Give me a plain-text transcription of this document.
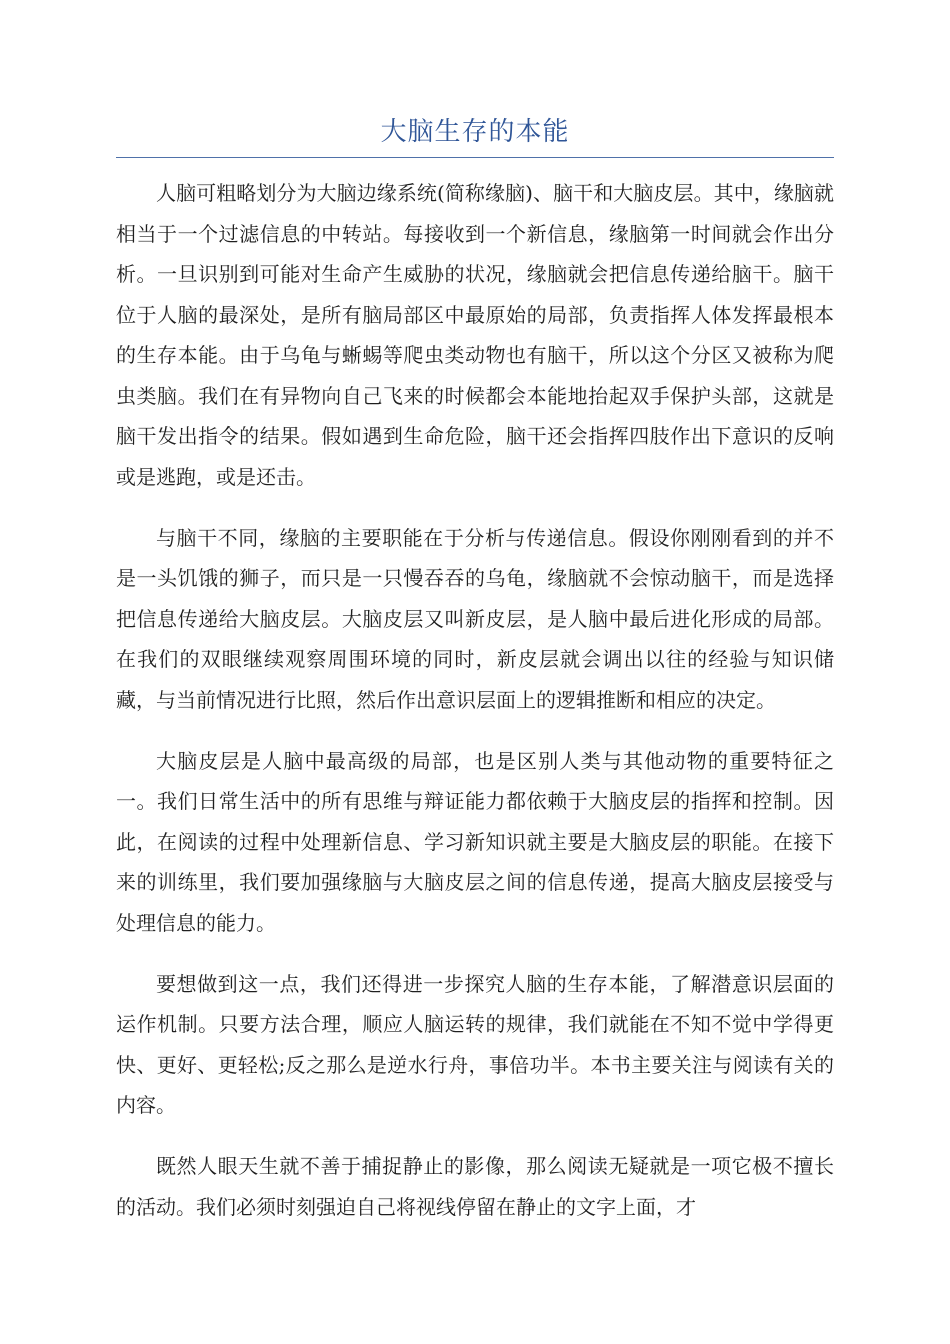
大脑生存的本能

人脑可粗略划分为大脑边缘系统(简称缘脑)、脑干和大脑皮层。其中，缘脑就相当于一个过滤信息的中转站。每接收到一个新信息，缘脑第一时间就会作出分析。一旦识别到可能对生命产生威胁的状况，缘脑就会把信息传递给脑干。脑干位于人脑的最深处，是所有脑局部区中最原始的局部，负责指挥人体发挥最根本的生存本能。由于乌龟与蜥蜴等爬虫类动物也有脑干，所以这个分区又被称为爬虫类脑。我们在有异物向自己飞来的时候都会本能地抬起双手保护头部，这就是脑干发出指令的结果。假如遇到生命危险，脑干还会指挥四肢作出下意识的反响或是逃跑，或是还击。

与脑干不同，缘脑的主要职能在于分析与传递信息。假设你刚刚看到的并不是一头饥饿的狮子，而只是一只慢吞吞的乌龟，缘脑就不会惊动脑干，而是选择把信息传递给大脑皮层。大脑皮层又叫新皮层，是人脑中最后进化形成的局部。在我们的双眼继续观察周围环境的同时，新皮层就会调出以往的经验与知识储藏，与当前情况进行比照，然后作出意识层面上的逻辑推断和相应的决定。

大脑皮层是人脑中最高级的局部，也是区别人类与其他动物的重要特征之一。我们日常生活中的所有思维与辩证能力都依赖于大脑皮层的指挥和控制。因此，在阅读的过程中处理新信息、学习新知识就主要是大脑皮层的职能。在接下来的训练里，我们要加强缘脑与大脑皮层之间的信息传递，提高大脑皮层接受与处理信息的能力。

要想做到这一点，我们还得进一步探究人脑的生存本能，了解潜意识层面的运作机制。只要方法合理，顺应人脑运转的规律，我们就能在不知不觉中学得更快、更好、更轻松;反之那么是逆水行舟，事倍功半。本书主要关注与阅读有关的内容。

既然人眼天生就不善于捕捉静止的影像，那么阅读无疑就是一项它极不擅长的活动。我们必须时刻强迫自己将视线停留在静止的文字上面，才
